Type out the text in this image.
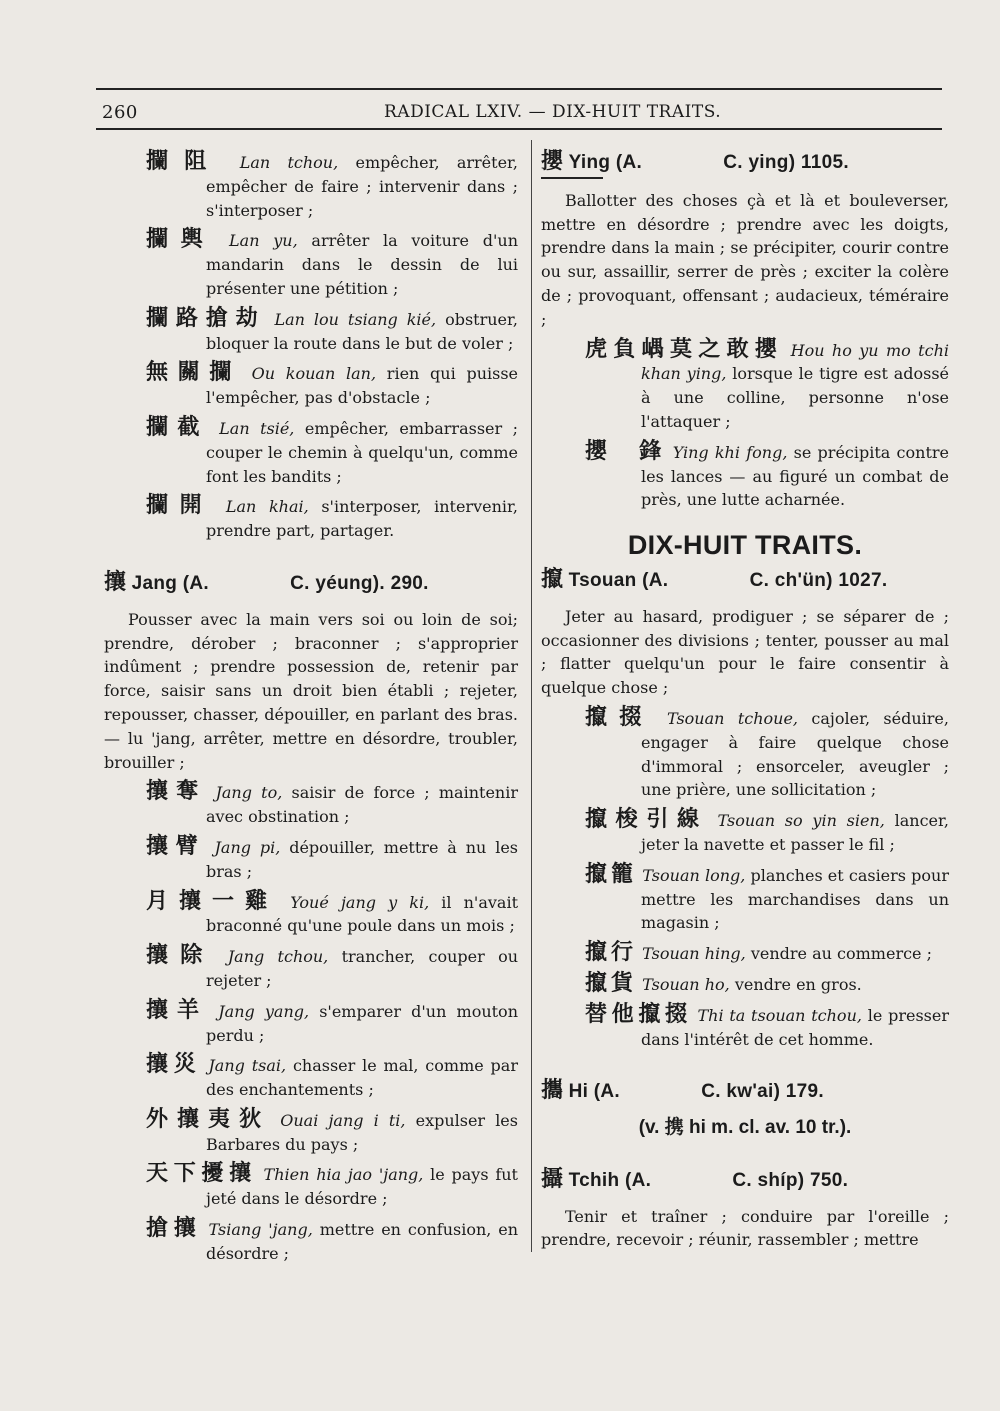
260	RADICAL LXIV. — DIX-HUIT TRAITS.
攔阻 Lan tchou, empêcher, arrêter, empêcher de faire ; intervenir dans ; s'interposer ;
攔輿 Lan yu, arrêter la voiture d'un mandarin dans le dessin de lui présenter une pétition ;
攔路搶劫 Lan lou tsiang kié, obstruer, bloquer la route dans le but de voler ;
無關攔 Ou kouan lan, rien qui puisse l'empêcher, pas d'obstacle ;
攔截 Lan tsié, empêcher, embarrasser ; couper le chemin à quelqu'un, comme font les bandits ;
攔開 Lan khai, s'interposer, intervenir, prendre part, partager.
攘 Jang (A.	C. yéung). 290.

Pousser avec la main vers soi ou loin de soi; prendre, dérober ; braconner ; s'approprier indûment ; prendre possession de, retenir par force, saisir sans un droit bien établi ; rejeter, repousser, chasser, dépouiller, en parlant des bras. — lu 'jang, arrêter, mettre en désordre, troubler, brouiller ;

攘奪 Jang to, saisir de force ; maintenir avec obstination ;
攘臂 Jang pi, dépouiller, mettre à nu les bras ;
月攘一雞 Youé jang y ki, il n'avait braconné qu'une poule dans un mois ;
攘除 Jang tchou, trancher, couper ou rejeter ;
攘羊 Jang yang, s'emparer d'un mouton perdu ;
攘災 Jang tsai, chasser le mal, comme par des enchantements ;
外攘夷狄 Ouai jang i ti, expulser les Barbares du pays ;
天下擾攘 Thien hia jao 'jang, le pays fut jeté dans le désordre ;
搶攘 Tsiang 'jang, mettre en confusion, en désordre ;
攖 Ying (A.	C. ying) 1105.

Ballotter des choses çà et là et bouleverser, mettre en désordre ; prendre avec les doigts, prendre dans la main ; se précipiter, courir contre ou sur, assaillir, serrer de près ; exciter la colère de ; provoquant, offensant ; audacieux, téméraire ;

虎負嵎莫之敢攖 Hou ho yu mo tchi khan ying, lorsque le tigre est adossé à une colline, personne n'ose l'attaquer ;
攖　鋒 Ying khi fong, se précipita contre les lances — au figuré un combat de près, une lutte acharnée.
DIX-HUIT TRAITS.
攛 Tsouan (A.	C. ch'ün) 1027.

Jeter au hasard, prodiguer ; se séparer de ; occasionner des divisions ; tenter, pousser au mal ; flatter quelqu'un pour le faire consentir à quelque chose ;

攛掇 Tsouan tchoue, cajoler, séduire, engager à faire quelque chose d'immoral ; ensorceler, aveugler ; une prière, une sollicitation ;
攛梭引線 Tsouan so yin sien, lancer, jeter la navette et passer le fil ;
攛籠 Tsouan long, planches et casiers pour mettre les marchandises dans un magasin ;
攛行 Tsouan hing, vendre au commerce ;
攛貨 Tsouan ho, vendre en gros.
替他攛掇 Thi ta tsouan tchou, le presser dans l'intérêt de cet homme.
攜 Hi (A.	C. kw'ai) 179.
(v. 携 hi m. cl. av. 10 tr.).
攝 Tchih (A.	C. shíp) 750.

Tenir et traîner ; conduire par l'oreille ; prendre, recevoir ; réunir, rassembler ; mettre
